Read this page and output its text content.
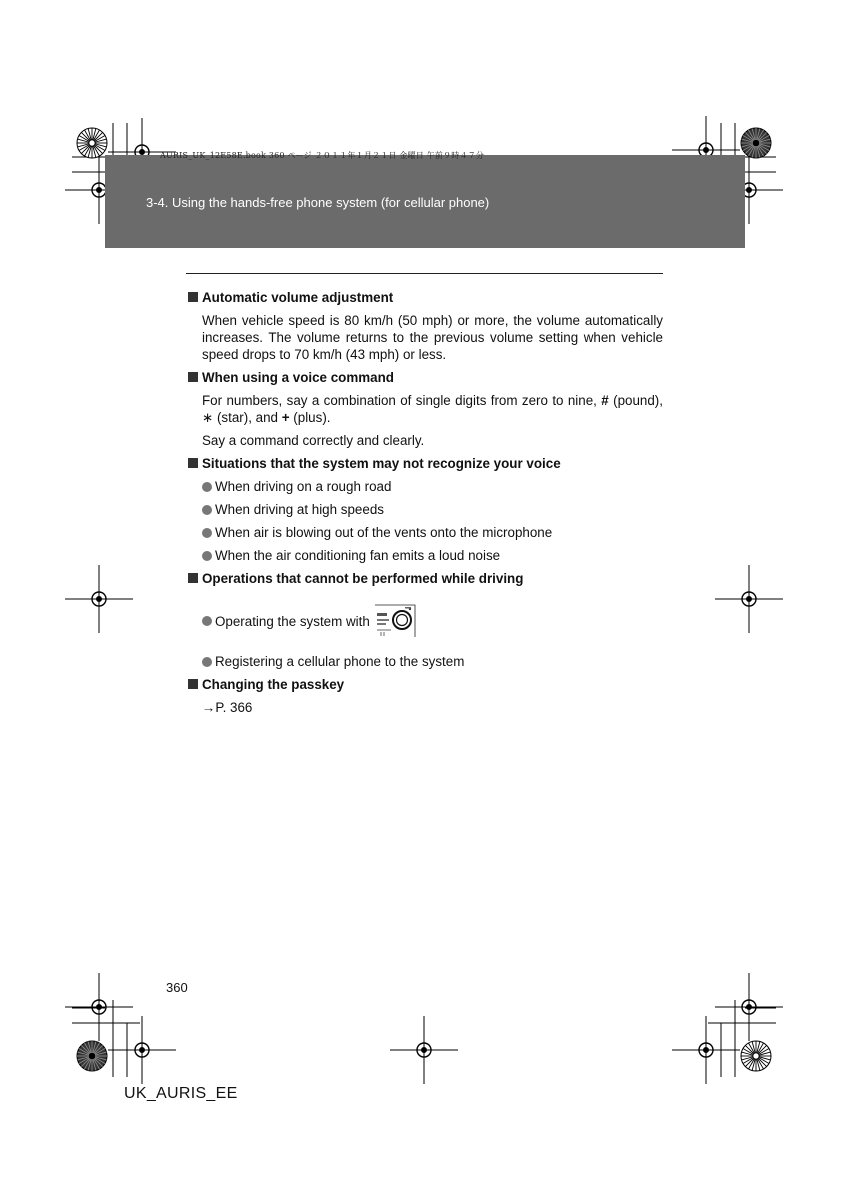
AURIS_UK_12E58E.book 360 ページ ２０１１年１月２１日 金曜日 午前９時４７分
3-4. Using the hands-free phone system (for cellular phone)
Automatic volume adjustment
When vehicle speed is 80 km/h (50 mph) or more, the volume automatically increases. The volume returns to the previous volume setting when vehicle speed drops to 70 km/h (43 mph) or less.
When using a voice command
For numbers, say a combination of single digits from zero to nine, # (pound), ∗ (star), and + (plus).
Say a command correctly and clearly.
Situations that the system may not recognize your voice
When driving on a rough road
When driving at high speeds
When air is blowing out of the vents onto the microphone
When the air conditioning fan emits a loud noise
Operations that cannot be performed while driving
Operating the system with
Registering a cellular phone to the system
Changing the passkey
→P. 366
360
UK_AURIS_EE
